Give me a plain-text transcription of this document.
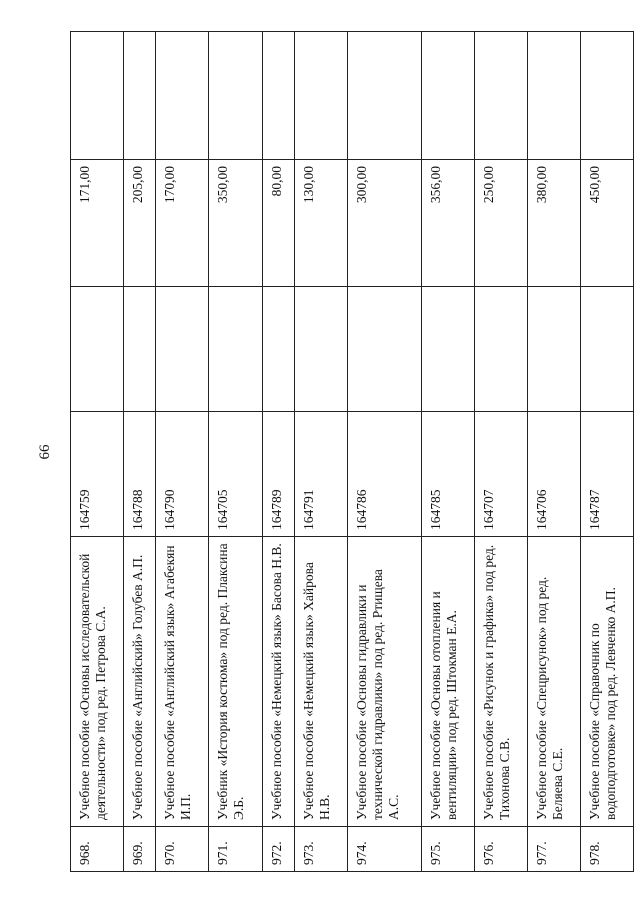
66
968.	Учебное пособие «Основы исследовательской деятельности» под ред. Петрова С.А.	164759		171,00	
969.	Учебное пособие «Английский» Голубев А.П.	164788		205,00	
970.	Учебное пособие «Английский язык» Агабекян И.П.	164790		170,00	
971.	Учебник «История костюма» под ред. Плаксина Э.Б.	164705		350,00	
972.	Учебное пособие «Немецкий язык» Басова Н.В.	164789		80,00	
973.	Учебное пособие «Немецкий язык» Хайрова Н.В.	164791		130,00	
974.	Учебное пособие «Основы гидравлики и технической гидравлики» под ред. Ртищева А.С.	164786		300,00	
975.	Учебное пособие «Основы отопления и вентиляции» под ред. Штокман Е.А.	164785		356,00	
976.	Учебное пособие «Рисунок и графика» под ред. Тихонова С.В.	164707		250,00	
977.	Учебное пособие «Спецрисунок» под ред. Беляева С.Е.	164706		380,00	
978.	Учебное пособие «Справочник по водоподготовке» под ред. Левченко А.П.	164787		450,00	
